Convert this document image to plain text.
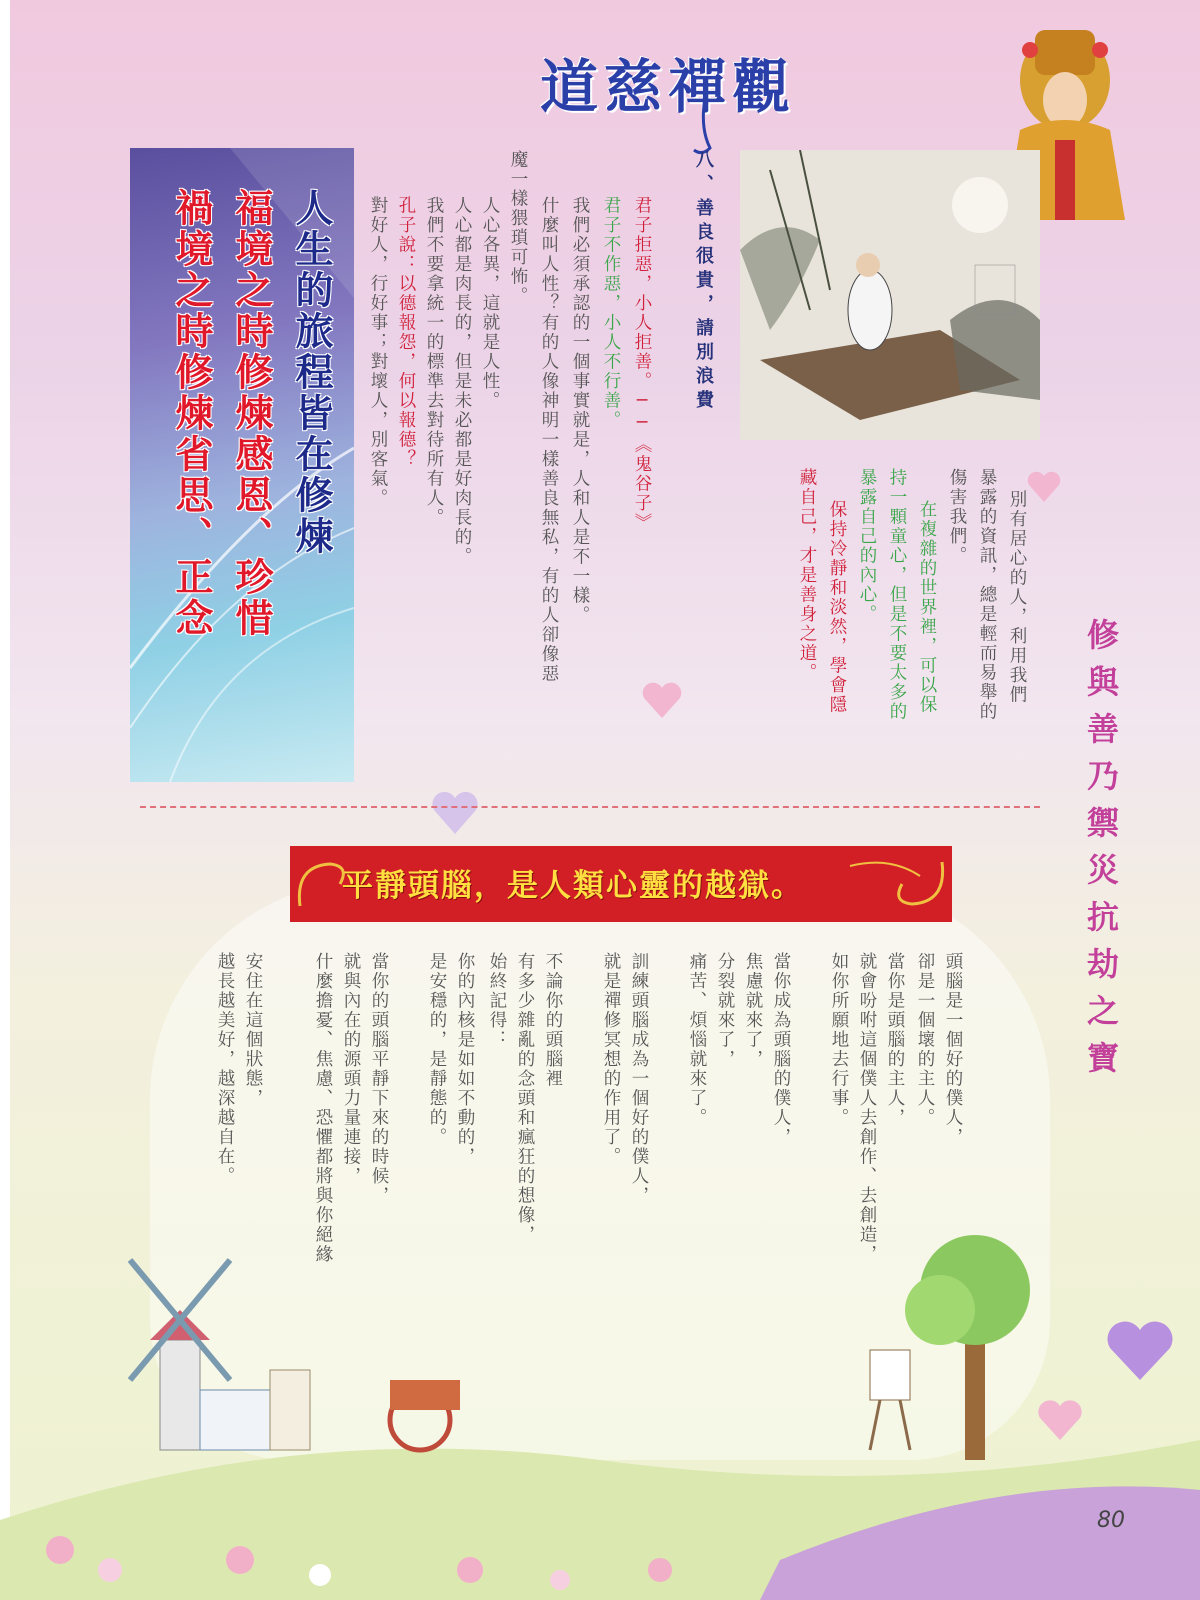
道慈禪觀
人生的旅程皆在修煉
福境之時修煉感恩、珍惜
禍境之時修煉省思、正念	八、善良很貴，請別浪費
君子拒惡，小人拒善。──《鬼谷子》
君子不作惡，小人不行善。
我們必須承認的一個事實就是，人和人是不一樣。
什麼叫人性？有的人像神明一樣善良無私，有的人卻像惡
魔一樣猥瑣可怖。
人心各異，這就是人性。
人心都是肉長的，但是未必都是好肉長的。
我們不要拿統一的標準去對待所有人。
孔子說：以德報怨，何以報德？
對好人，行好事；對壞人，別客氣。
別有居心的人，利用我們
暴露的資訊，總是輕而易舉的
傷害我們。
在複雜的世界裡，可以保
持一顆童心，但是不要太多的
暴露自己的內心。
保持冷靜和淡然，學會隱
藏自己，才是善身之道。
修與善乃禦災抗劫之寶
平靜頭腦，是人類心靈的越獄。
頭腦是一個好的僕人，
卻是一個壞的主人。
當你是頭腦的主人，
就會吩咐這個僕人去創作、去創造，
如你所願地去行事。
當你成為頭腦的僕人，
焦慮就來了，
分裂就來了，
痛苦、煩惱就來了。
訓練頭腦成為一個好的僕人，
就是禪修冥想的作用了。
不論你的頭腦裡
有多少雜亂的念頭和瘋狂的想像，
始終記得：
你的內核是如如不動的，
是安穩的，是靜態的。
當你的頭腦平靜下來的時候，
就與內在的源頭力量連接，
什麼擔憂、焦慮、恐懼都將與你絕緣
安住在這個狀態，
越長越美好，越深越自在。
80
